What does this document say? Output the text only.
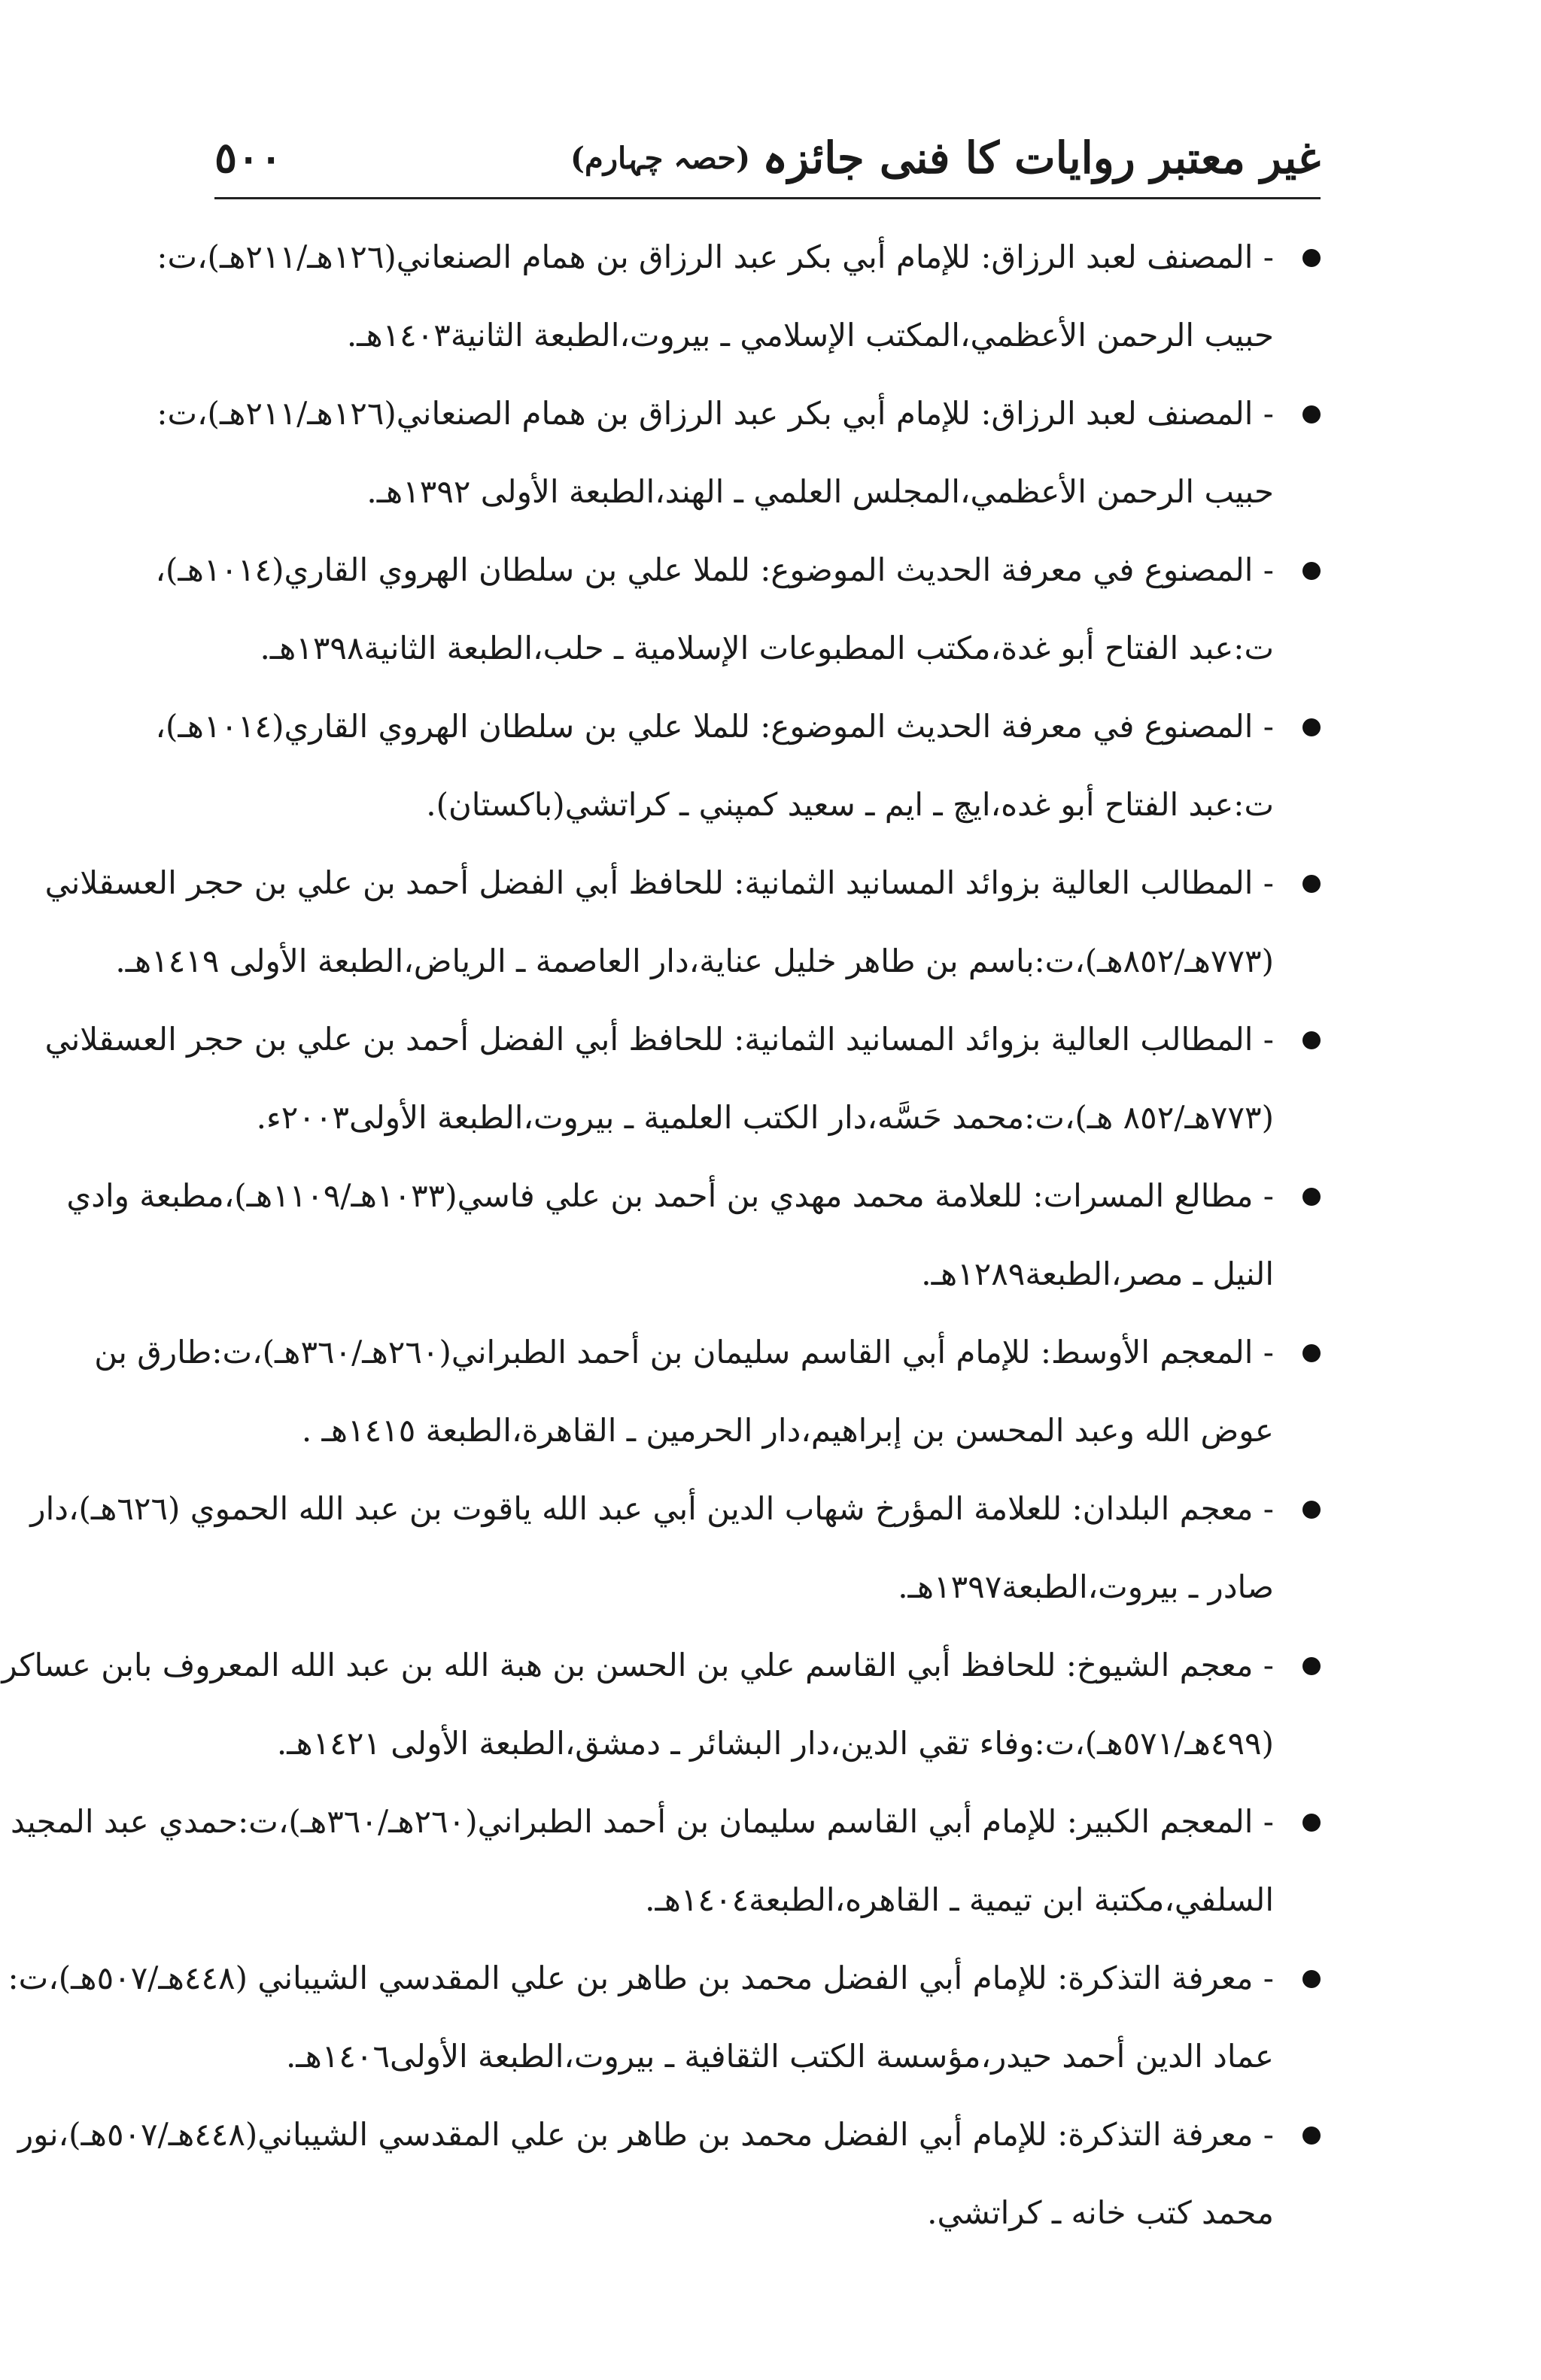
غیر معتبر روایات کا فنی جائزہ
(حصہ چہارم)
٥٠٠
- المصنف لعبد الرزاق: للإمام أبي بكر عبد الرزاق بن همام الصنعاني(١٢٦هـ/٢١١هـ)،ت:
حبيب الرحمن الأعظمي،المكتب الإسلامي ـ بيروت،الطبعة الثانية١٤٠٣هـ.
- المصنف لعبد الرزاق: للإمام أبي بكر عبد الرزاق بن همام الصنعاني(١٢٦هـ/٢١١هـ)،ت:
حبيب الرحمن الأعظمي،المجلس العلمي ـ الهند،الطبعة الأولى ١٣٩٢هـ.
- المصنوع في معرفة الحديث الموضوع: للملا علي بن سلطان الهروي القاري(١٠١٤هـ)،
ت:عبد الفتاح أبو غدة،مكتب المطبوعات الإسلامية ـ حلب،الطبعة الثانية١٣٩٨هـ.
- المصنوع في معرفة الحديث الموضوع: للملا علي بن سلطان الهروي القاري(١٠١٤هـ)،
ت:عبد الفتاح أبو غده،ايچ ـ ايم ـ سعيد كمپني ـ كراتشي(باكستان).
- المطالب العالية بزوائد المسانيد الثمانية: للحافظ أبي الفضل أحمد بن علي بن حجر العسقلاني
(٧٧٣هـ/٨٥٢هـ)،ت:باسم بن طاهر خليل عناية،دار العاصمة ـ الرياض،الطبعة الأولى ١٤١٩هـ.
- المطالب العالية بزوائد المسانيد الثمانية: للحافظ أبي الفضل أحمد بن علي بن حجر العسقلاني
(٧٧٣هـ/٨٥٢ هـ)،ت:محمد حَسَّه،دار الكتب العلمية ـ بيروت،الطبعة الأولى٢٠٠٣ء.
- مطالع المسرات: للعلامة محمد مهدي بن أحمد بن علي فاسي(١٠٣٣هـ/١١٠٩هـ)،مطبعة وادي
النيل ـ مصر،الطبعة١٢٨٩هـ.
- المعجم الأوسط: للإمام أبي القاسم سليمان بن أحمد الطبراني(٢٦٠هـ/٣٦٠هـ)،ت:طارق بن
عوض الله وعبد المحسن بن إبراهيم،دار الحرمين ـ القاهرة،الطبعة ١٤١٥هـ .
- معجم البلدان: للعلامة المؤرخ شهاب الدين أبي عبد الله ياقوت بن عبد الله الحموي (٦٢٦هـ)،دار
صادر ـ بيروت،الطبعة١٣٩٧هـ.
- معجم الشيوخ: للحافظ أبي القاسم علي بن الحسن بن هبة الله بن عبد الله المعروف بابن عساكر
(٤٩٩هـ/٥٧١هـ)،ت:وفاء تقي الدين،دار البشائر ـ دمشق،الطبعة الأولى ١٤٢١هـ.
- المعجم الكبير: للإمام أبي القاسم سليمان بن أحمد الطبراني(٢٦٠هـ/٣٦٠هـ)،ت:حمدي عبد المجيد
السلفي،مكتبة ابن تيمية ـ القاهره،الطبعة١٤٠٤هـ.
- معرفة التذكرة: للإمام أبي الفضل محمد بن طاهر بن علي المقدسي الشيباني (٤٤٨هـ/٥٠٧هـ)،ت:
عماد الدين أحمد حيدر،مؤسسة الكتب الثقافية ـ بيروت،الطبعة الأولى١٤٠٦هـ.
- معرفة التذكرة: للإمام أبي الفضل محمد بن طاهر بن علي المقدسي الشيباني(٤٤٨هـ/٥٠٧هـ)،نور
محمد كتب خانه ـ كراتشي.
